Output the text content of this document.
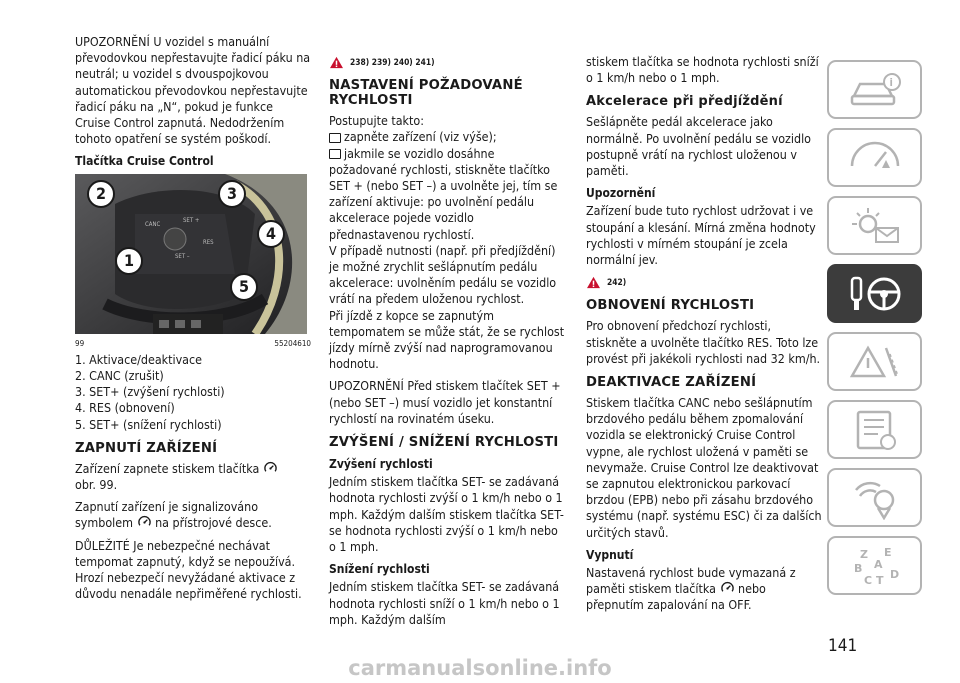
UPOZORNĚNÍ U vozidel s manuální převodovkou nepřestavujte řadicí páku na neutrál; u vozidel s dvouspojkovou automatickou převodovkou nepřestavujte řadicí páku na „N“, pokud je funkce Cruise Control zapnutá. Nedodržením tohoto opatření se systém poškodí.

Tlačítka Cruise Control
CANC
SET +
RES
SET –
2	3
4
1
5
99	55204610
1. Aktivace/deaktivace
2. CANC (zrušit)
3. SET+ (zvýšení rychlosti)
4. RES (obnovení)
5. SET+ (snížení rychlosti)
ZAPNUTÍ ZAŘÍZENÍ

Zařízení zapnete stiskem tlačítka
obr. 99.

Zapnutí zařízení je signalizováno symbolem na přístrojové desce.

DŮLEŽITÉ Je nebezpečné nechávat tempomat zapnutý, když se nepoužívá. Hrozí nebezpečí nevyžádané aktivace z důvodu nenadále nepřiměřené rychlosti.

238) 239) 240) 241)
NASTAVENÍ POŽADOVANÉ RYCHLOSTI

Postupujte takto:

zapněte zařízení (viz výše);

jakmile se vozidlo dosáhne požadované rychlosti, stiskněte tlačítko SET + (nebo SET –) a uvolněte jej, tím se zařízení aktivuje: po uvolnění pedálu akcelerace pojede vozidlo přednastavenou rychlostí.

V případě nutnosti (např. při předjíždění) je možné zrychlit sešlápnutím pedálu akcelerace: uvolněním pedálu se vozidlo vrátí na předem uloženou rychlost.

Při jízdě z kopce se zapnutým tempomatem se může stát, že se rychlost jízdy mírně zvýší nad naprogramovanou hodnotu.

UPOZORNĚNÍ Před stiskem tlačítek SET + (nebo SET –) musí vozidlo jet konstantní rychlostí na rovinatém úseku.

ZVÝŠENÍ / SNÍŽENÍ RYCHLOSTI
Zvýšení rychlosti

Jedním stiskem tlačítka SET- se zadávaná hodnota rychlosti zvýší o 1 km/h nebo o 1 mph. Každým dalším stiskem tlačítka SET- se hodnota rychlosti zvýší o 1 km/h nebo o 1 mph.

Snížení rychlosti

Jedním stiskem tlačítka SET- se zadávaná hodnota rychlosti sníží o 1 km/h nebo o 1 mph. Každým dalším

stiskem tlačítka se hodnota rychlosti sníží o 1 km/h nebo o 1 mph.

Akcelerace při předjíždění

Sešlápněte pedál akcelerace jako normálně. Po uvolnění pedálu se vozidlo postupně vrátí na rychlost uloženou v paměti.

Upozornění

Zařízení bude tuto rychlost udržovat i ve stoupání a klesání. Mírná změna hodnoty rychlosti v mírném stoupání je zcela normální jev.

242)
OBNOVENÍ RYCHLOSTI

Pro obnovení předchozí rychlosti, stiskněte a uvolněte tlačítko RES. Toto lze provést při jakékoli rychlosti nad 32 km/h.

DEAKTIVACE ZAŘÍZENÍ

Stiskem tlačítka CANC nebo sešlápnutím brzdového pedálu během zpomalování vozidla se elektronický Cruise Control vypne, ale rychlost uložená v paměti se nevymaže. Cruise Control lze deaktivovat se zapnutou elektronickou parkovací brzdou (EPB) nebo při zásahu brzdového systému (např. systému ESC) či za dalších určitých stavů.

Vypnutí

Nastavená rychlost bude vymazaná z paměti stiskem tlačítka nebo přepnutím zapalování na OFF.

i
Z E
B A
C D
T
141
carmanualsonline.info
